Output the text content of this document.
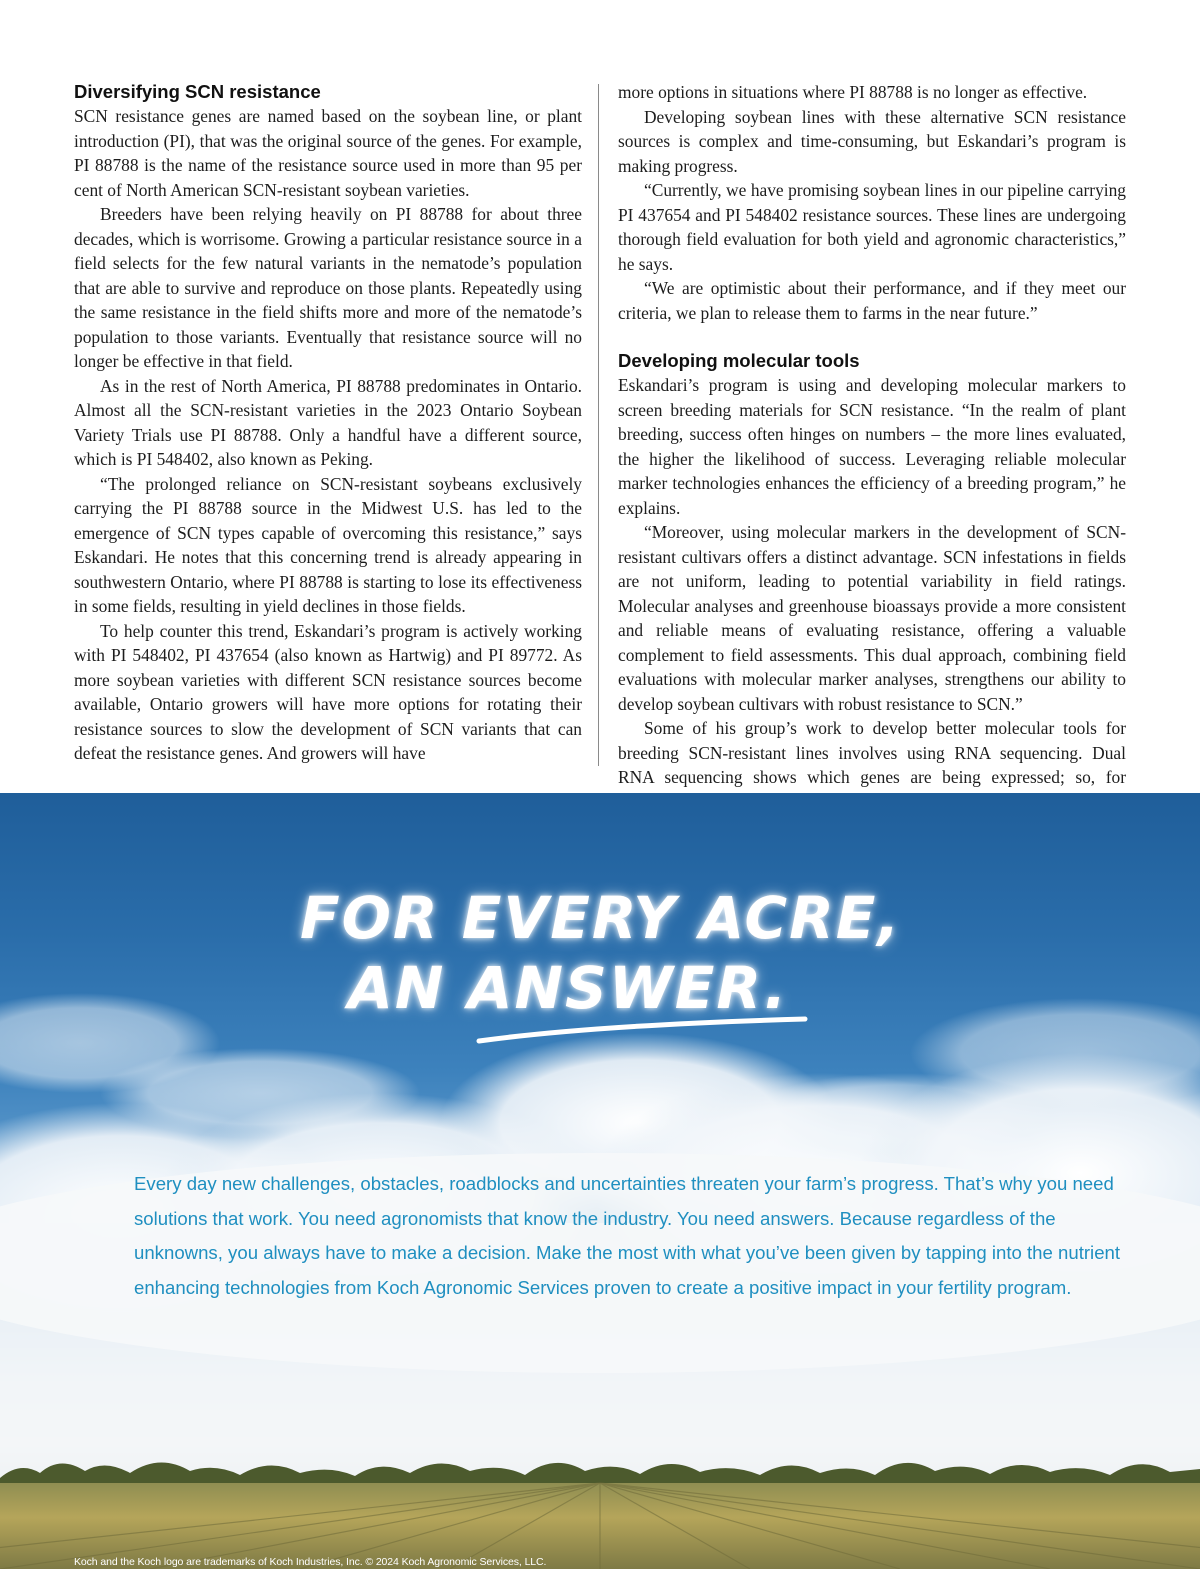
Diversifying SCN resistance

SCN resistance genes are named based on the soybean line, or plant introduction (PI), that was the original source of the genes. For example, PI 88788 is the name of the resistance source used in more than 95 per cent of North American SCN-resistant soybean varieties.

Breeders have been relying heavily on PI 88788 for about three decades, which is worrisome. Growing a particular resistance source in a field selects for the few natural variants in the nematode’s population that are able to survive and reproduce on those plants. Repeatedly using the same resistance in the field shifts more and more of the nematode’s population to those variants. Eventually that resistance source will no longer be effective in that field.

As in the rest of North America, PI 88788 predominates in Ontario. Almost all the SCN-resistant varieties in the 2023 Ontario Soybean Variety Trials use PI 88788. Only a handful have a different source, which is PI 548402, also known as Peking.

“The prolonged reliance on SCN-resistant soybeans exclusively carrying the PI 88788 source in the Midwest U.S. has led to the emergence of SCN types capable of overcoming this resistance,” says Eskandari. He notes that this concerning trend is already appearing in southwestern Ontario, where PI 88788 is starting to lose its effectiveness in some fields, resulting in yield declines in those fields.

To help counter this trend, Eskandari’s program is actively working with PI 548402, PI 437654 (also known as Hartwig) and PI 89772. As more soybean varieties with different SCN resistance sources become available, Ontario growers will have more options for rotating their resistance sources to slow the development of SCN variants that can defeat the resistance genes. And growers will have

more options in situations where PI 88788 is no longer as effective.

Developing soybean lines with these alternative SCN resistance sources is complex and time-consuming, but Eskandari’s program is making progress.

“Currently, we have promising soybean lines in our pipeline carrying PI 437654 and PI 548402 resistance sources. These lines are undergoing thorough field evaluation for both yield and agronomic characteristics,” he says.

“We are optimistic about their performance, and if they meet our criteria, we plan to release them to farms in the near future.”

Developing molecular tools

Eskandari’s program is using and developing molecular markers to screen breeding materials for SCN resistance. “In the realm of plant breeding, success often hinges on numbers – the more lines evaluated, the higher the likelihood of success. Leveraging reliable molecular marker technologies enhances the efficiency of a breeding program,” he explains.

“Moreover, using molecular markers in the development of SCN-resistant cultivars offers a distinct advantage. SCN infestations in fields are not uniform, leading to potential variability in field ratings. Molecular analyses and greenhouse bioassays provide a more consistent and reliable means of evaluating resistance, offering a valuable complement to field assessments. This dual approach, combining field evaluations with molecular marker analyses, strengthens our ability to develop soybean cultivars with robust resistance to SCN.”

Some of his group’s work to develop better molecular tools for breeding SCN-resistant lines involves using RNA sequencing. Dual RNA sequencing shows which genes are being expressed; so, for

FOR EVERY ACRE,
AN ANSWER.
Every day new challenges, obstacles, roadblocks and uncertainties threaten your farm’s progress. That’s why you need solutions that work. You need agronomists that know the industry. You need answers. Because regardless of the unknowns, you always have to make a decision. Make the most with what you’ve been given by tapping into the nutrient enhancing technologies from Koch Agronomic Services proven to create a positive impact in your fertility program.
Koch and the Koch logo are trademarks of Koch Industries, Inc. © 2024 Koch Agronomic Services, LLC.
